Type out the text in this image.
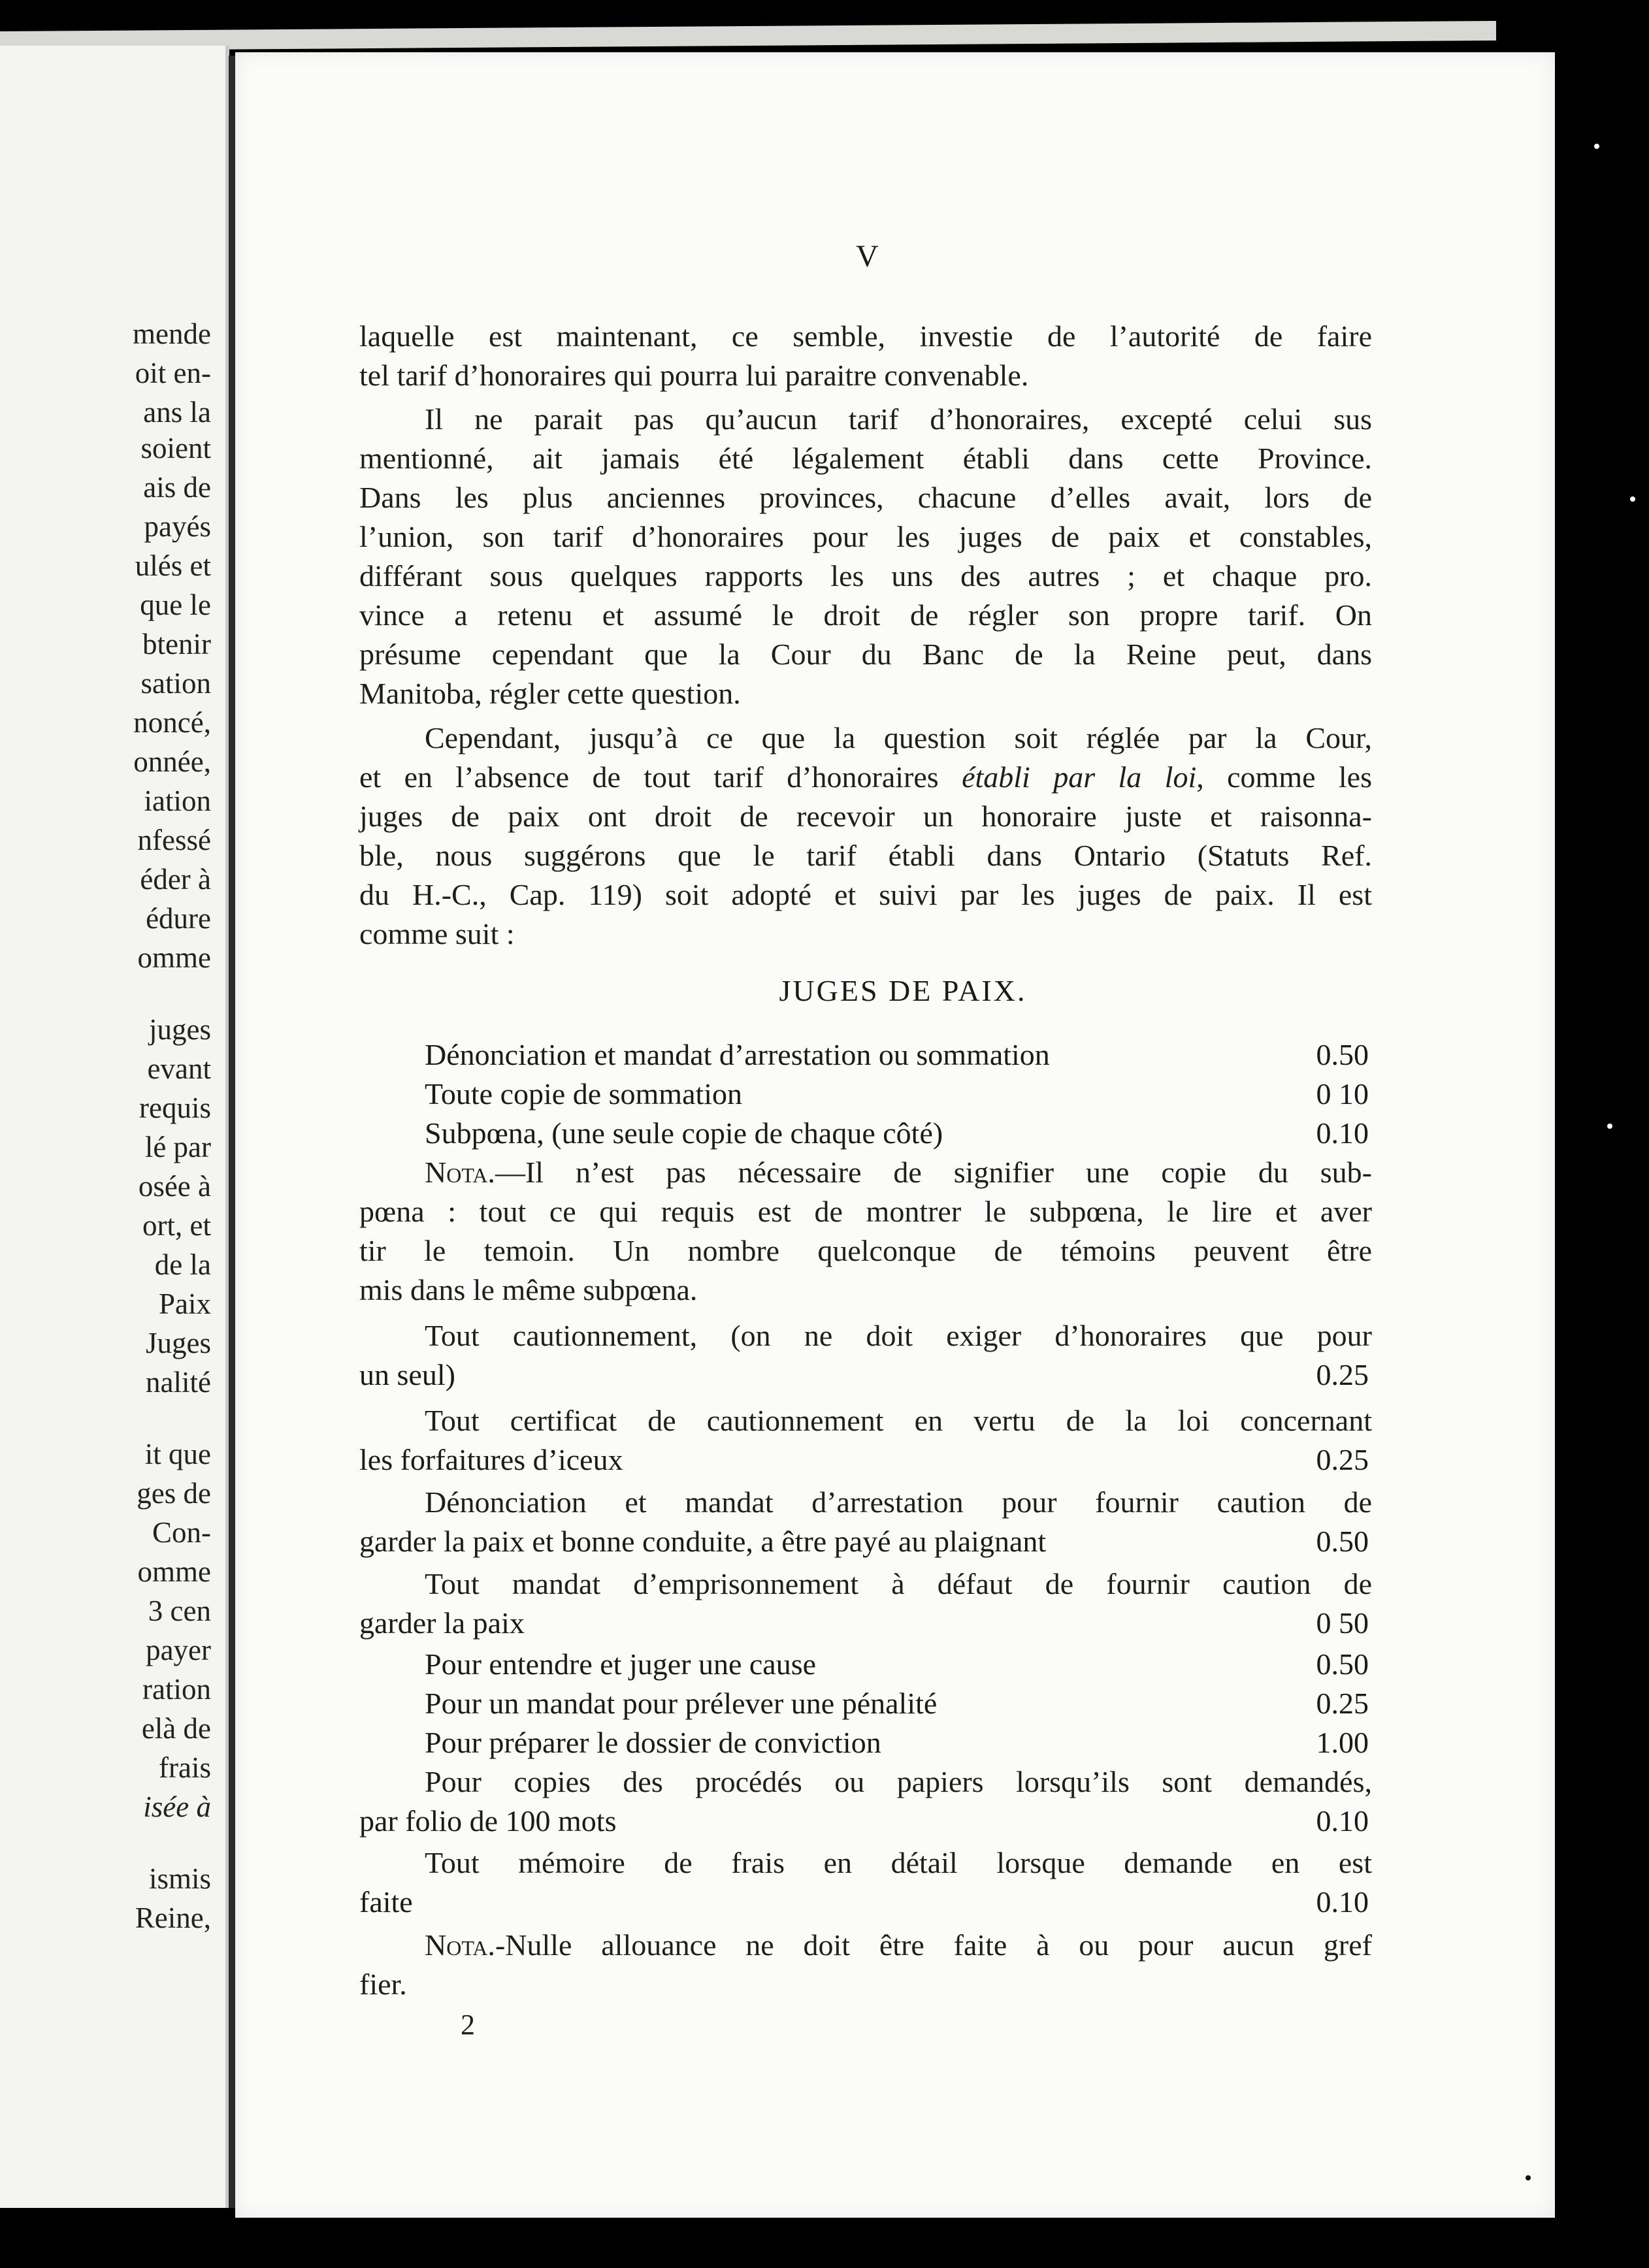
mende
oit en-
ans la
soient
ais de
payés
ulés et
que le
btenir
sation
noncé,
onnée,
iation
nfessé
éder à
édure
omme
juges
evant
requis
lé par
osée à
ort, et
de la
Paix
Juges
nalité
it que
ges de
Con-
omme
3 cen
payer
ration
elà de
frais
isée à
ismis
Reine,
V
laquelle est maintenant, ce semble, investie de l’autorité de faire
tel tarif d’honoraires qui pourra lui paraitre convenable.
Il ne parait pas qu’aucun tarif d’honoraires, excepté celui sus
mentionné, ait jamais été légalement établi dans cette Province.
Dans les plus anciennes provinces, chacune d’elles avait, lors de
l’union, son tarif d’honoraires pour les juges de paix et constables,
différant sous quelques rapports les uns des autres ; et chaque pro.
vince a retenu et assumé le droit de régler son propre tarif. On
présume cependant que la Cour du Banc de la Reine peut, dans
Manitoba, régler cette question.
Cependant, jusqu’à ce que la question soit réglée par la Cour,
et en l’absence de tout tarif d’honoraires établi par la loi, comme les
juges de paix ont droit de recevoir un honoraire juste et raisonna-
ble, nous suggérons que le tarif établi dans Ontario (Statuts Ref.
du H.-C., Cap. 119) soit adopté et suivi par les juges de paix. Il est
comme suit :
JUGES DE PAIX.
Dénonciation et mandat d’arrestation ou sommation	0.50
Toute copie de sommation	0 10
Subpœna, (une seule copie de chaque côté)	0.10
Nota.—Il n’est pas nécessaire de signifier une copie du sub-
pœna : tout ce qui requis est de montrer le subpœna, le lire et aver
tir le temoin. Un nombre quelconque de témoins peuvent être
mis dans le même subpœna.
Tout cautionnement, (on ne doit exiger d’honoraires que pour
un seul)	0.25
Tout certificat de cautionnement en vertu de la loi concernant
les forfaitures d’iceux	0.25
Dénonciation et mandat d’arrestation pour fournir caution de
garder la paix et bonne conduite, a être payé au plaignant	0.50
Tout mandat d’emprisonnement à défaut de fournir caution de
garder la paix	0 50
Pour entendre et juger une cause	0.50
Pour un mandat pour prélever une pénalité	0.25
Pour préparer le dossier de conviction	1.00
Pour copies des procédés ou papiers lorsqu’ils sont demandés,
par folio de 100 mots	0.10
Tout mémoire de frais en détail lorsque demande en est
faite	0.10
Nota.-Nulle allouance ne doit être faite à ou pour aucun gref
fier.
2
